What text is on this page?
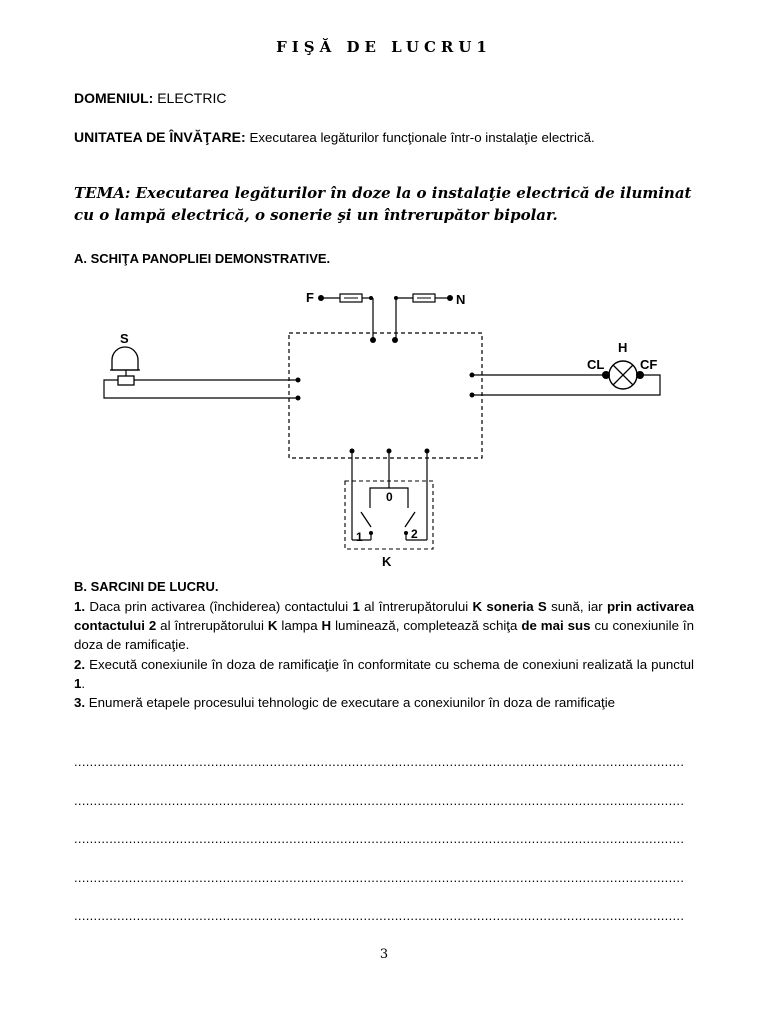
FIŞĂ DE LUCRU1
DOMENIUL: ELECTRIC
UNITATEA DE ÎNVĂŢARE: Executarea legăturilor funcţionale într-o instalaţie electrică.
TEMA: Executarea legăturilor în doze la o instalaţie electrică de iluminat cu o lampă electrică, o sonerie şi un întrerupător bipolar.
A. SCHIŢA PANOPLIEI DEMONSTRATIVE.
F	N
S
H
CL	CF
0
1	2
K
B. SARCINI DE LUCRU.
1. Daca prin activarea (închiderea) contactului 1 al întrerupătorului K soneria S sună, iar prin activarea contactului 2 al întrerupătorului K lampa H luminează, completează schiţa de mai sus cu conexiunile în doza de ramificaţie.
2. Execută conexiunile în doza de ramificaţie în conformitate cu schema de conexiuni realizată la punctul 1.
3. Enumeră etapele procesului tehnologic de executare a conexiunilor în doza de ramificaţie
............................................................................................................................................................
............................................................................................................................................................
............................................................................................................................................................
............................................................................................................................................................
............................................................................................................................................................
3
